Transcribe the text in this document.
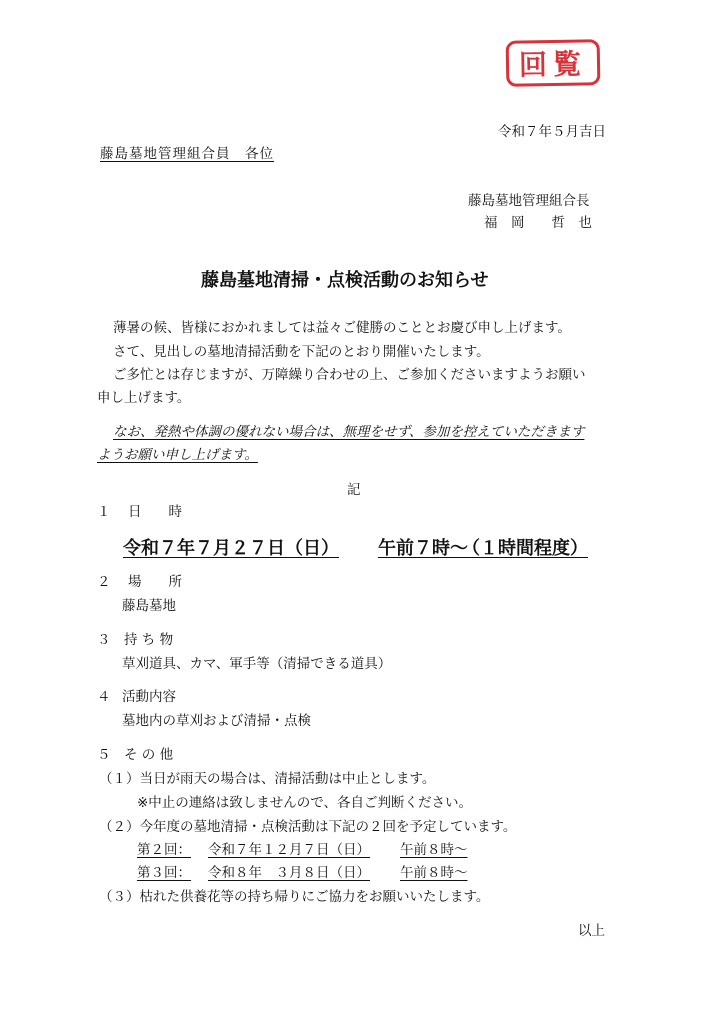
回覧
令和７年５月吉日
藤島墓地管理組合員　各位
藤島墓地管理組合長
福　岡　　哲　也
藤島墓地清掃・点検活動のお知らせ
薄暑の候、皆様におかれましては益々ご健勝のこととお慶び申し上げます。
さて、見出しの墓地清掃活動を下記のとおり開催いたします。
ご多忙とは存じますが、万障繰り合わせの上、ご参加くださいますようお願い
申し上げます。
なお、発熱や体調の優れない場合は、無理をせず、参加を控えていただきます
ようお願い申し上げます。
記
１ 日　　時
令和７年７月２７日（日） 午前７時～
（１時間程度）
２ 場　　所
藤島墓地
３ 持 ち 物
草刈道具、カマ、軍手等（清掃できる道具）
４ 活動内容
墓地内の草刈および清掃・点検
５ そ の 他
（１）当日が雨天の場合は、清掃活動は中止とします。
※中止の連絡は致しませんので、各自ご判断ください。
（２）今年度の墓地清掃・点検活動は下記の２回を予定しています。
第２回： 令和７年１２月７日（日） 午前８時～
第３回： 令和８年　３月８日（日） 午前８時～
（３）枯れた供養花等の持ち帰りにご協力をお願いいたします。
以上
